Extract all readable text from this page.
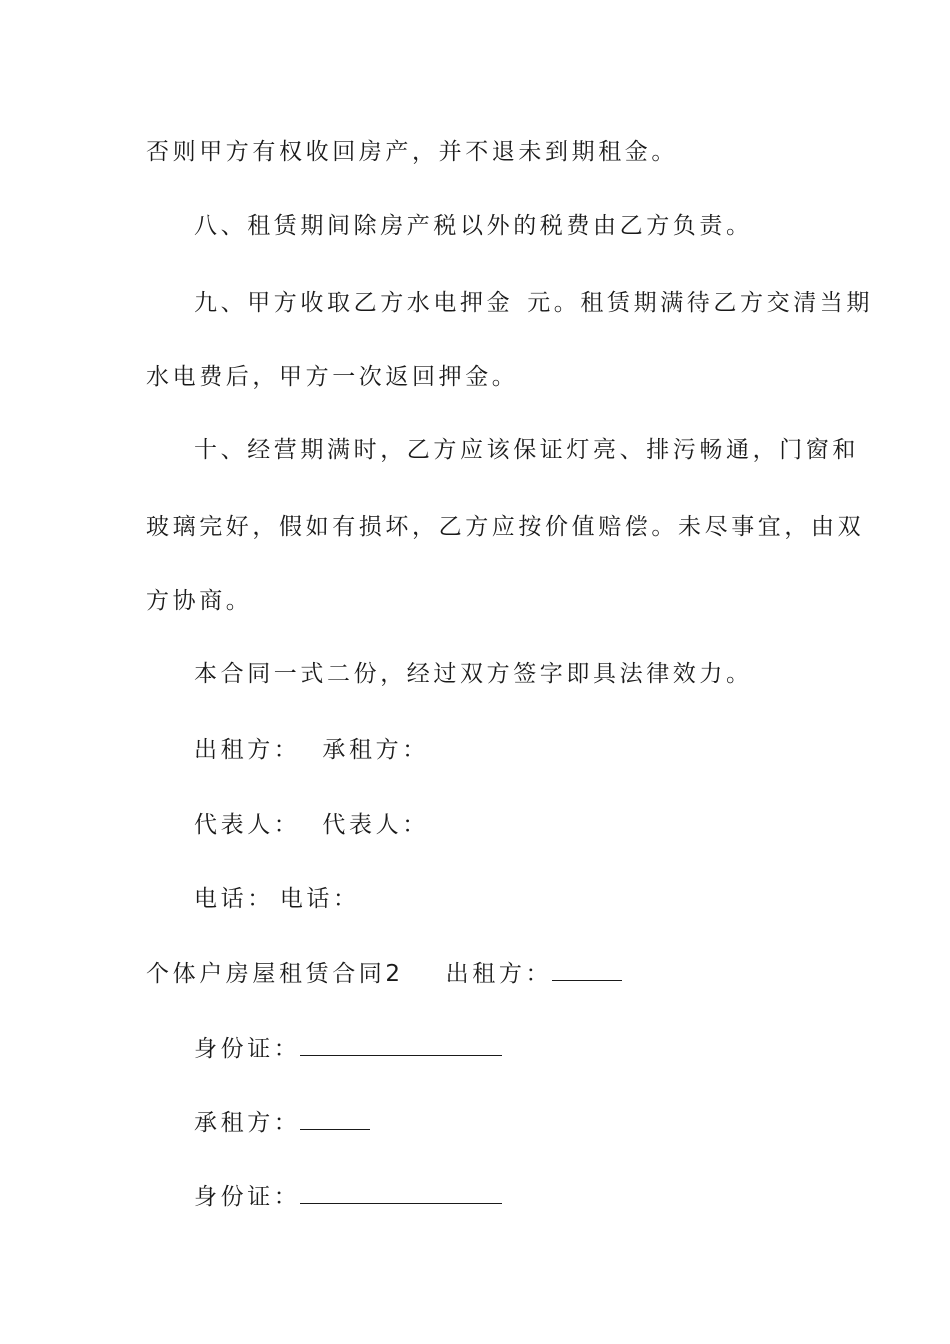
否则甲方有权收回房产，并不退未到期租金。
八、租赁期间除房产税以外的税费由乙方负责。
九、甲方收取乙方水电押金 元。租赁期满待乙方交清当期
水电费后，甲方一次返回押金。
十、经营期满时，乙方应该保证灯亮、排污畅通，门窗和
玻璃完好，假如有损坏，乙方应按价值赔偿。未尽事宜，由双
方协商。
本合同一式二份，经过双方签字即具法律效力。
出租方： 承租方：
代表人： 代表人：
电话： 电话：
个体户房屋租赁合同2 出租方：
身份证：
承租方：
身份证：
